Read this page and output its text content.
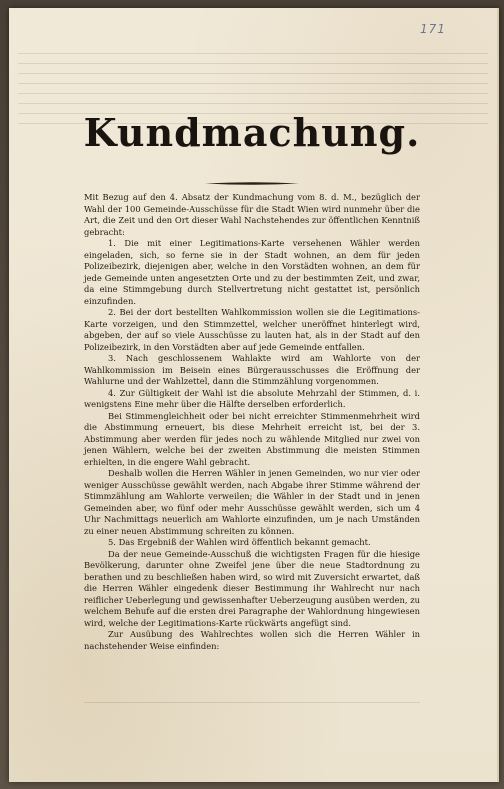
171
Kundmachung.

Mit Bezug auf den 4. Absatz der Kundmachung vom 8. d. M., bezüglich der Wahl der 100 Gemeinde-Ausschüsse für die Stadt Wien wird nunmehr über die Art, die Zeit und den Ort dieser Wahl Nachstehendes zur öffentlichen Kenntniß gebracht:

1. Die mit einer Legitimations-Karte versehenen Wähler werden eingeladen, sich, so ferne sie in der Stadt wohnen, an dem für jeden Polizeibezirk, diejenigen aber, welche in den Vorstädten wohnen, an dem für jede Gemeinde unten angesetzten Orte und zu der bestimmten Zeit, und zwar, da eine Stimmgebung durch Stellvertretung nicht gestattet ist, persönlich einzufinden.

2. Bei der dort bestellten Wahlkommission wollen sie die Legitimations-Karte vorzeigen, und den Stimmzettel, welcher uneröffnet hinterlegt wird, abgeben, der auf so viele Ausschüsse zu lauten hat, als in der Stadt auf den Polizeibezirk, in den Vorstädten aber auf jede Gemeinde entfallen.

3. Nach geschlossenem Wahlakte wird am Wahlorte von der Wahlkommission im Beisein eines Bürgerausschusses die Eröffnung der Wahlurne und der Wahlzettel, dann die Stimmzählung vorgenommen.

4. Zur Gültigkeit der Wahl ist die absolute Mehrzahl der Stimmen, d. i. wenigstens Eine mehr über die Hälfte derselben erforderlich.

Bei Stimmengleichheit oder bei nicht erreichter Stimmenmehrheit wird die Abstimmung erneuert, bis diese Mehrheit erreicht ist, bei der 3. Abstimmung aber werden für jedes noch zu wählende Mitglied nur zwei von jenen Wählern, welche bei der zweiten Abstimmung die meisten Stimmen erhielten, in die engere Wahl gebracht.

Deshalb wollen die Herren Wähler in jenen Gemeinden, wo nur vier oder weniger Ausschüsse gewählt werden, nach Abgabe ihrer Stimme während der Stimmzählung am Wahlorte verweilen; die Wähler in der Stadt und in jenen Gemeinden aber, wo fünf oder mehr Ausschüsse gewählt werden, sich um 4 Uhr Nachmittags neuerlich am Wahlorte einzufinden, um je nach Umständen zu einer neuen Abstimmung schreiten zu können.

5. Das Ergebniß der Wahlen wird öffentlich bekannt gemacht.

Da der neue Gemeinde-Ausschuß die wichtigsten Fragen für die hiesige Bevölkerung, darunter ohne Zweifel jene über die neue Stadtordnung zu berathen und zu beschließen haben wird, so wird mit Zuversicht erwartet, daß die Herren Wähler eingedenk dieser Bestimmung ihr Wahlrecht nur nach reiflicher Ueberlegung und gewissenhafter Ueberzeugung ausüben werden, zu welchem Behufe auf die ersten drei Paragraphe der Wahlordnung hingewiesen wird, welche der Legitimations-Karte rückwärts angefügt sind.

Zur Ausübung des Wahlrechtes wollen sich die Herren Wähler in nachstehender Weise einfinden:
